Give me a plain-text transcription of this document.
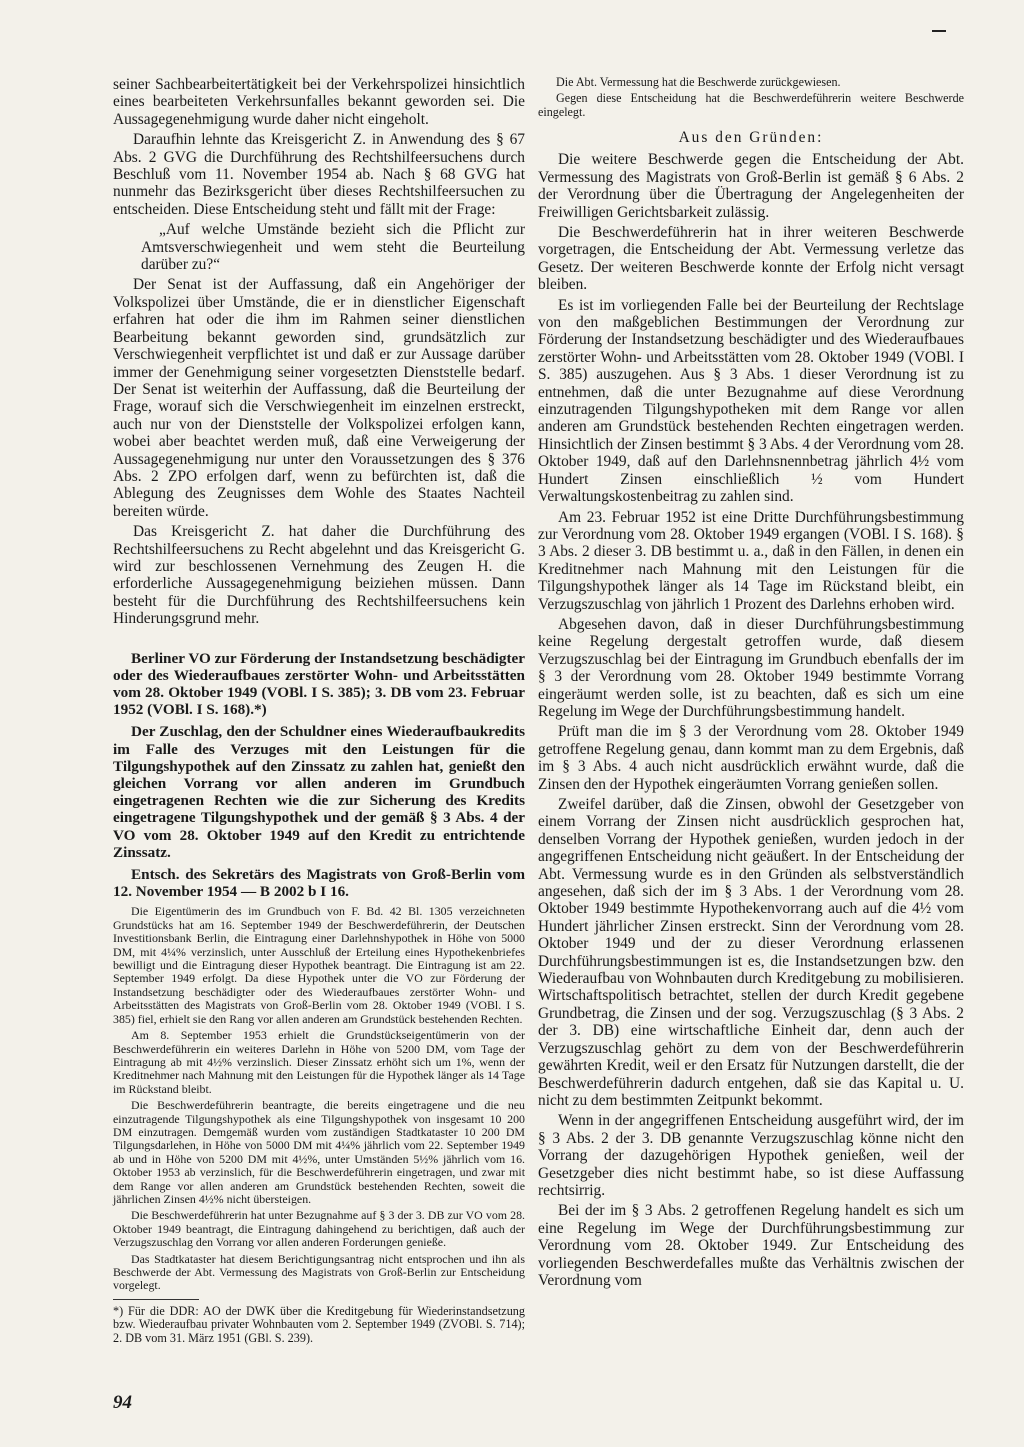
seiner Sachbearbeitertätigkeit bei der Verkehrspolizei hinsichtlich eines bearbeiteten Verkehrsunfalles bekannt geworden sei. Die Aussagegenehmigung wurde daher nicht eingeholt.

Daraufhin lehnte das Kreisgericht Z. in Anwendung des § 67 Abs. 2 GVG die Durchführung des Rechtshilfeersuchens durch Beschluß vom 11. November 1954 ab. Nach § 68 GVG hat nunmehr das Bezirksgericht über dieses Rechtshilfeersuchen zu entscheiden. Diese Entscheidung steht und fällt mit der Frage:

„Auf welche Umstände bezieht sich die Pflicht zur Amtsverschwiegenheit und wem steht die Beurteilung darüber zu?“

Der Senat ist der Auffassung, daß ein Angehöriger der Volkspolizei über Umstände, die er in dienstlicher Eigenschaft erfahren hat oder die ihm im Rahmen seiner dienstlichen Bearbeitung bekannt geworden sind, grundsätzlich zur Verschwiegenheit verpflichtet ist und daß er zur Aussage darüber immer der Genehmigung seiner vorgesetzten Dienststelle bedarf. Der Senat ist weiterhin der Auffassung, daß die Beurteilung der Frage, worauf sich die Verschwiegenheit im einzelnen erstreckt, auch nur von der Dienststelle der Volkspolizei erfolgen kann, wobei aber beachtet werden muß, daß eine Verweigerung der Aussagegenehmigung nur unter den Voraussetzungen des § 376 Abs. 2 ZPO erfolgen darf, wenn zu befürchten ist, daß die Ablegung des Zeugnisses dem Wohle des Staates Nachteil bereiten würde.

Das Kreisgericht Z. hat daher die Durchführung des Rechtshilfeersuchens zu Recht abgelehnt und das Kreisgericht G. wird zur beschlossenen Vernehmung des Zeugen H. die erforderliche Aussagegenehmigung beiziehen müssen. Dann besteht für die Durchführung des Rechtshilfeersuchens kein Hinderungsgrund mehr.

Berliner VO zur Förderung der Instandsetzung beschädigter oder des Wiederaufbaues zerstörter Wohn- und Arbeitsstätten vom 28. Oktober 1949 (VOBl. I S. 385); 3. DB vom 23. Februar 1952 (VOBl. I S. 168).*)

Der Zuschlag, den der Schuldner eines Wiederaufbaukredits im Falle des Verzuges mit den Leistungen für die Tilgungshypothek auf den Zinssatz zu zahlen hat, genießt den gleichen Vorrang vor allen anderen im Grundbuch eingetragenen Rechten wie die zur Sicherung des Kredits eingetragene Tilgungshypothek und der gemäß § 3 Abs. 4 der VO vom 28. Oktober 1949 auf den Kredit zu entrichtende Zinssatz.

Entsch. des Sekretärs des Magistrats von Groß-Berlin vom 12. November 1954 — B 2002 b I 16.

Die Eigentümerin des im Grundbuch von F. Bd. 42 Bl. 1305 verzeichneten Grundstücks hat am 16. September 1949 der Beschwerdeführerin, der Deutschen Investitionsbank Berlin, die Eintragung einer Darlehnshypothek in Höhe von 5000 DM, mit 4¼% verzinslich, unter Ausschluß der Erteilung eines Hypothekenbriefes bewilligt und die Eintragung dieser Hypothek beantragt. Die Eintragung ist am 22. September 1949 erfolgt. Da diese Hypothek unter die VO zur Förderung der Instandsetzung beschädigter oder des Wiederaufbaues zerstörter Wohn- und Arbeitsstätten des Magistrats von Groß-Berlin vom 28. Oktober 1949 (VOBl. I S. 385) fiel, erhielt sie den Rang vor allen anderen am Grundstück bestehenden Rechten.

Am 8. September 1953 erhielt die Grundstückseigentümerin von der Beschwerdeführerin ein weiteres Darlehn in Höhe von 5200 DM, vom Tage der Eintragung ab mit 4½% verzinslich. Dieser Zinssatz erhöht sich um 1%, wenn der Kreditnehmer nach Mahnung mit den Leistungen für die Hypothek länger als 14 Tage im Rückstand bleibt.

Die Beschwerdeführerin beantragte, die bereits eingetragene und die neu einzutragende Tilgungshypothek als eine Tilgungshypothek von insgesamt 10 200 DM einzutragen. Demgemäß wurden vom zuständigen Stadtkataster 10 200 DM Tilgungsdarlehen, in Höhe von 5000 DM mit 4¼% jährlich vom 22. September 1949 ab und in Höhe von 5200 DM mit 4½%, unter Umständen 5½% jährlich vom 16. Oktober 1953 ab verzinslich, für die Beschwerdeführerin eingetragen, und zwar mit dem Range vor allen anderen am Grundstück bestehenden Rechten, soweit die jährlichen Zinsen 4½% nicht übersteigen.

Die Beschwerdeführerin hat unter Bezugnahme auf § 3 der 3. DB zur VO vom 28. Oktober 1949 beantragt, die Eintragung dahingehend zu berichtigen, daß auch der Verzugszuschlag den Vorrang vor allen anderen Forderungen genieße.

Das Stadtkataster hat diesem Berichtigungsantrag nicht entsprochen und ihn als Beschwerde der Abt. Vermessung des Magistrats von Groß-Berlin zur Entscheidung vorgelegt.

*) Für die DDR: AO der DWK über die Kreditgebung für Wiederinstandsetzung bzw. Wiederaufbau privater Wohnbauten vom 2. September 1949 (ZVOBl. S. 714); 2. DB vom 31. März 1951 (GBl. S. 239).

Die Abt. Vermessung hat die Beschwerde zurückgewiesen.

Gegen diese Entscheidung hat die Beschwerdeführerin weitere Beschwerde eingelegt.

Aus den Gründen:

Die weitere Beschwerde gegen die Entscheidung der Abt. Vermessung des Magistrats von Groß-Berlin ist gemäß § 6 Abs. 2 der Verordnung über die Übertragung der Angelegenheiten der Freiwilligen Gerichtsbarkeit zulässig.

Die Beschwerdeführerin hat in ihrer weiteren Beschwerde vorgetragen, die Entscheidung der Abt. Vermessung verletze das Gesetz. Der weiteren Beschwerde konnte der Erfolg nicht versagt bleiben.

Es ist im vorliegenden Falle bei der Beurteilung der Rechtslage von den maßgeblichen Bestimmungen der Verordnung zur Förderung der Instandsetzung beschädigter und des Wiederaufbaues zerstörter Wohn- und Arbeitsstätten vom 28. Oktober 1949 (VOBl. I S. 385) auszugehen. Aus § 3 Abs. 1 dieser Verordnung ist zu entnehmen, daß die unter Bezugnahme auf diese Verordnung einzutragenden Tilgungshypotheken mit dem Range vor allen anderen am Grundstück bestehenden Rechten eingetragen werden. Hinsichtlich der Zinsen bestimmt § 3 Abs. 4 der Verordnung vom 28. Oktober 1949, daß auf den Darlehnsnennbetrag jährlich 4½ vom Hundert Zinsen einschließlich ½ vom Hundert Verwaltungskostenbeitrag zu zahlen sind.

Am 23. Februar 1952 ist eine Dritte Durchführungsbestimmung zur Verordnung vom 28. Oktober 1949 ergangen (VOBl. I S. 168). § 3 Abs. 2 dieser 3. DB bestimmt u. a., daß in den Fällen, in denen ein Kreditnehmer nach Mahnung mit den Leistungen für die Tilgungshypothek länger als 14 Tage im Rückstand bleibt, ein Verzugszuschlag von jährlich 1 Prozent des Darlehns erhoben wird.

Abgesehen davon, daß in dieser Durchführungsbestimmung keine Regelung dergestalt getroffen wurde, daß diesem Verzugszuschlag bei der Eintragung im Grundbuch ebenfalls der im § 3 der Verordnung vom 28. Oktober 1949 bestimmte Vorrang eingeräumt werden solle, ist zu beachten, daß es sich um eine Regelung im Wege der Durchführungsbestimmung handelt.

Prüft man die im § 3 der Verordnung vom 28. Oktober 1949 getroffene Regelung genau, dann kommt man zu dem Ergebnis, daß im § 3 Abs. 4 auch nicht ausdrücklich erwähnt wurde, daß die Zinsen den der Hypothek eingeräumten Vorrang genießen sollen.

Zweifel darüber, daß die Zinsen, obwohl der Gesetzgeber von einem Vorrang der Zinsen nicht ausdrücklich gesprochen hat, denselben Vorrang der Hypothek genießen, wurden jedoch in der angegriffenen Entscheidung nicht geäußert. In der Entscheidung der Abt. Vermessung wurde es in den Gründen als selbstverständlich angesehen, daß sich der im § 3 Abs. 1 der Verordnung vom 28. Oktober 1949 bestimmte Hypothekenvorrang auch auf die 4½ vom Hundert jährlicher Zinsen erstreckt. Sinn der Verordnung vom 28. Oktober 1949 und der zu dieser Verordnung erlassenen Durchführungsbestimmungen ist es, die Instandsetzungen bzw. den Wiederaufbau von Wohnbauten durch Kreditgebung zu mobilisieren. Wirtschaftspolitisch betrachtet, stellen der durch Kredit gegebene Grundbetrag, die Zinsen und der sog. Verzugszuschlag (§ 3 Abs. 2 der 3. DB) eine wirtschaftliche Einheit dar, denn auch der Verzugszuschlag gehört zu dem von der Beschwerdeführerin gewährten Kredit, weil er den Ersatz für Nutzungen darstellt, die der Beschwerdeführerin dadurch entgehen, daß sie das Kapital u. U. nicht zu dem bestimmten Zeitpunkt bekommt.

Wenn in der angegriffenen Entscheidung ausgeführt wird, der im § 3 Abs. 2 der 3. DB genannte Verzugszuschlag könne nicht den Vorrang der dazugehörigen Hypothek genießen, weil der Gesetzgeber dies nicht bestimmt habe, so ist diese Auffassung rechtsirrig.

Bei der im § 3 Abs. 2 getroffenen Regelung handelt es sich um eine Regelung im Wege der Durchführungsbestimmung zur Verordnung vom 28. Oktober 1949. Zur Entscheidung des vorliegenden Beschwerdefalles mußte das Verhältnis zwischen der Verordnung vom

94
